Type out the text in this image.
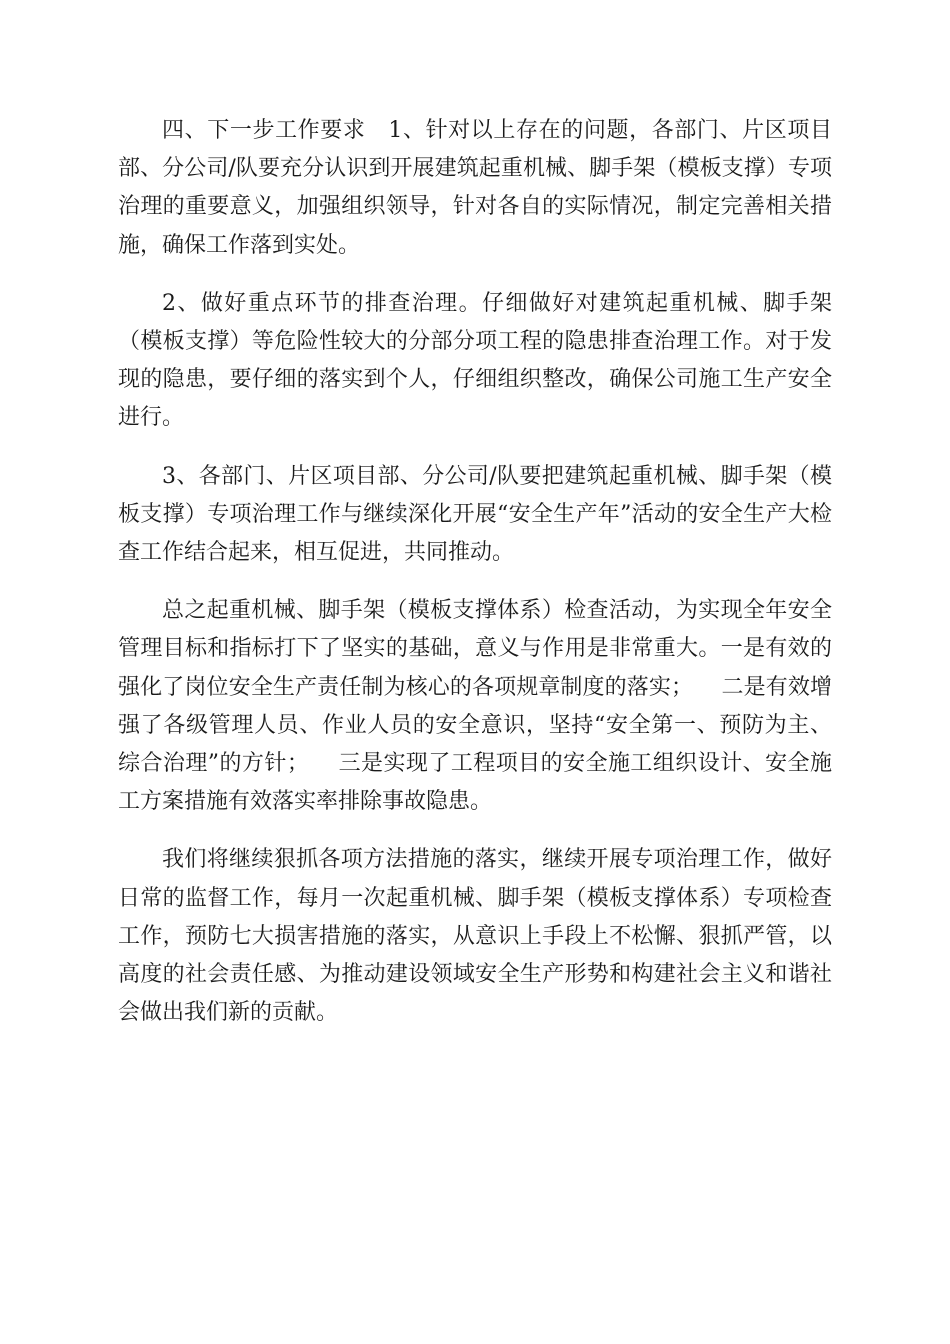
四、下一步工作要求   1、针对以上存在的问题，各部门、片区项目部、分公司/队要充分认识到开展建筑起重机械、脚手架（模板支撑）专项治理的重要意义，加强组织领导，针对各自的实际情况，制定完善相关措施，确保工作落到实处。

2、做好重点环节的排查治理。仔细做好对建筑起重机械、脚手架（模板支撑）等危险性较大的分部分项工程的隐患排查治理工作。对于发现的隐患，要仔细的落实到个人，仔细组织整改，确保公司施工生产安全进行。

3、各部门、片区项目部、分公司/队要把建筑起重机械、脚手架（模板支撑）专项治理工作与继续深化开展“安全生产年”活动的安全生产大检查工作结合起来，相互促进，共同推动。

总之起重机械、脚手架（模板支撑体系）检查活动，为实现全年安全管理目标和指标打下了坚实的基础，意义与作用是非常重大。一是有效的强化了岗位安全生产责任制为核心的各项规章制度的落实；    二是有效增强了各级管理人员、作业人员的安全意识，坚持“安全第一、预防为主、综合治理”的方针；    三是实现了工程项目的安全施工组织设计、安全施工方案措施有效落实率排除事故隐患。

我们将继续狠抓各项方法措施的落实，继续开展专项治理工作，做好日常的监督工作，每月一次起重机械、脚手架（模板支撑体系）专项检查工作，预防七大损害措施的落实，从意识上手段上不松懈、狠抓严管，以高度的社会责任感、为推动建设领域安全生产形势和构建社会主义和谐社会做出我们新的贡献。
